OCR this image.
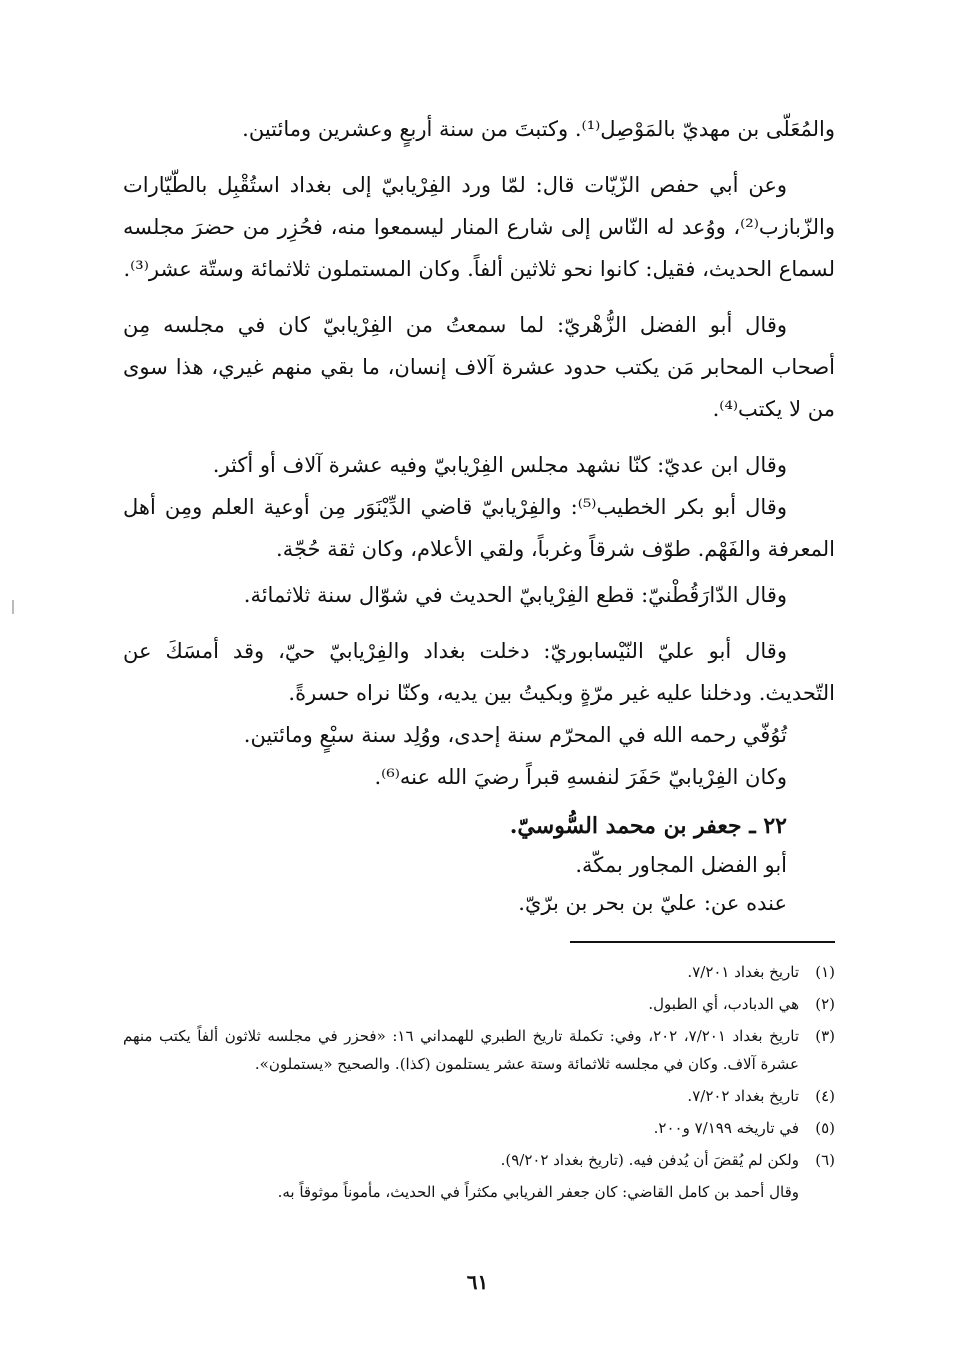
والمُعَلّى بن مهديّ بالمَوْصِل⁽¹⁾. وكتبتَ من سنة أربعٍ وعشرين ومائتين.

وعن أبي حفص الزّيّات قال: لمّا ورد الفِرْيابيّ إلى بغداد استُقْبِل بالطّيّارات والزّبازب⁽²⁾، ووُعد له النّاس إلى شارع المنار ليسمعوا منه، فحُزِر من حضرَ مجلسه لسماع الحديث، فقيل: كانوا نحو ثلاثين ألفاً. وكان المستملون ثلاثمائة وستّة عشر⁽³⁾.

وقال أبو الفضل الزُّهْريّ: لما سمعتُ من الفِرْيابيّ كان في مجلسه مِن أصحاب المحابر مَن يكتب حدود عشرة آلاف إنسان، ما بقي منهم غيري، هذا سوى من لا يكتب⁽⁴⁾.

وقال ابن عديّ: كنّا نشهد مجلس الفِرْيابيّ وفيه عشرة آلاف أو أكثر.

وقال أبو بكر الخطيب⁽⁵⁾: والفِرْيابيّ قاضي الدِّيْنَوَر مِن أوعية العلم ومِن أهل المعرفة والفَهْم. طوّف شرقاً وغرباً، ولقي الأعلام، وكان ثقة حُجّة.

وقال الدّارَقُطْنيّ: قطع الفِرْيابيّ الحديث في شوّال سنة ثلاثمائة.

وقال أبو عليّ النّيْسابوريّ: دخلت بغداد والفِرْيابيّ حيّ، وقد أمسَكَ عن التّحديث. ودخلنا عليه غير مرّةٍ وبكيتُ بين يديه، وكنّا نراه حسرةً.

تُوُفّي رحمه الله في المحرّم سنة إحدى، ووُلِد سنة سبْعٍ ومائتين.
وكان الفِرْيابيّ حَفَرَ لنفسهِ قبراً رضيَ الله عنه⁽⁶⁾.
٢٢ ـ جعفر بن محمد السُّوسيّ.
أبو الفضل المجاور بمكّة.
عنده عن: عليّ بن بحر بن برّيّ.
(١)
تاريخ بغداد ٧/٢٠١.
(٢)
هي الدبادب، أي الطبول.
(٣)
تاريخ بغداد ٧/٢٠١، ٢٠٢، وفي: تكملة تاريخ الطبري للهمداني ١٦: «فحزر في مجلسه ثلاثون ألفاً يكتب منهم عشرة آلاف. وكان في مجلسه ثلاثمائة وستة عشر يستلمون (كذا). والصحيح «يستملون».
(٤)
تاريخ بغداد ٧/٢٠٢.
(٥)
في تاريخه ٧/١٩٩ و٢٠٠.
(٦)
ولكن لم يُقضَ أن يُدفن فيه. (تاريخ بغداد ٩/٢٠٢).
وقال أحمد بن كامل القاضي: كان جعفر الفريابي مكثراً في الحديث، مأموناً موثوقاً به.
٦١
